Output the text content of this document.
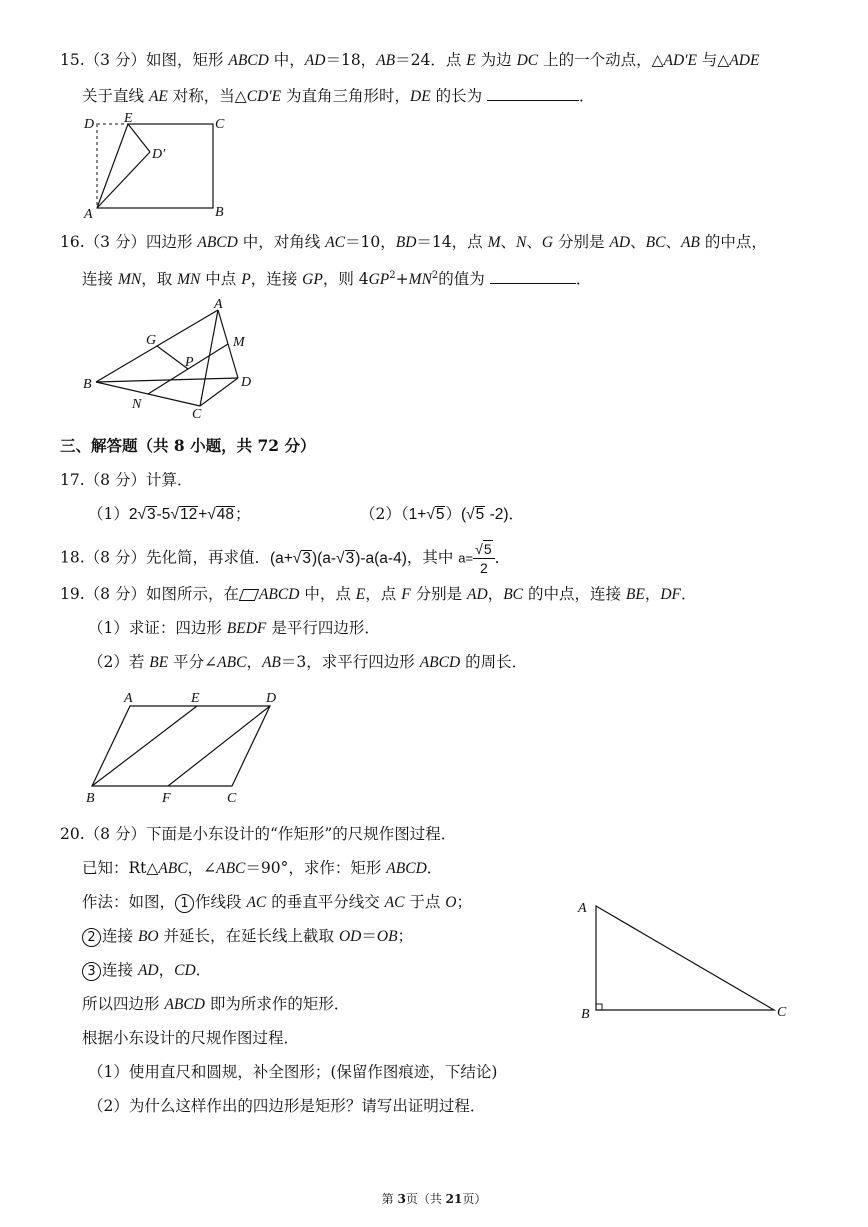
15.（3 分）如图，矩形 ABCD 中，AD＝18，AB＝24．点 E 为边 DC 上的一个动点，△AD'E 与△ADE
关于直线 AE 对称，当△CD'E 为直角三角形时，DE 的长为	．
D E	C
D′
A	B
16.（3 分）四边形 ABCD 中，对角线 AC＝10，BD＝14，点 M、N、G 分别是 AD、BC、AB 的中点，
连接 MN，取 MN 中点 P，连接 GP，则 $4GP^2+MN^2$的值为	．
A
G	M
P
B	D
N
C
三、解答题（共 8 小题，共 72 分）
17.（8 分）计算．
（1）2√3-5√12+√48；	（2）（1+√5）(√5 -2)．
18.（8 分）先化简，再求值．(a+√3)(a-√3)-a(a-4)，其中 $a= \frac{√5}{2}$ ．
19.（8 分）如图所示，在 ABCD 中，点 E，点 F 分别是 AD，BC 的中点，连接 BE，DF．
（1）求证：四边形 BEDF 是平行四边形．
（2）若 BE 平分∠ABC，AB＝3，求平行四边形 ABCD 的周长．
A	E	D
B	F	C
20.（8 分）下面是小东设计的“作矩形”的尺规作图过程．
已知：Rt△ABC，∠ABC＝90°，求作：矩形 ABCD．
作法：如图， 1 作线段 AC 的垂直平分线交 AC 于点 O；
2 连接 BO 并延长，在延长线上截取 OD＝OB；
3 连接 AD，CD．
所以四边形 ABCD 即为所求作的矩形．
根据小东设计的尺规作图过程．
（1）使用直尺和圆规，补全图形；(保留作图痕迹，下结论)
（2）为什么这样作出的四边形是矩形？请写出证明过程．
A
B	C
第 3页（共 21页）
